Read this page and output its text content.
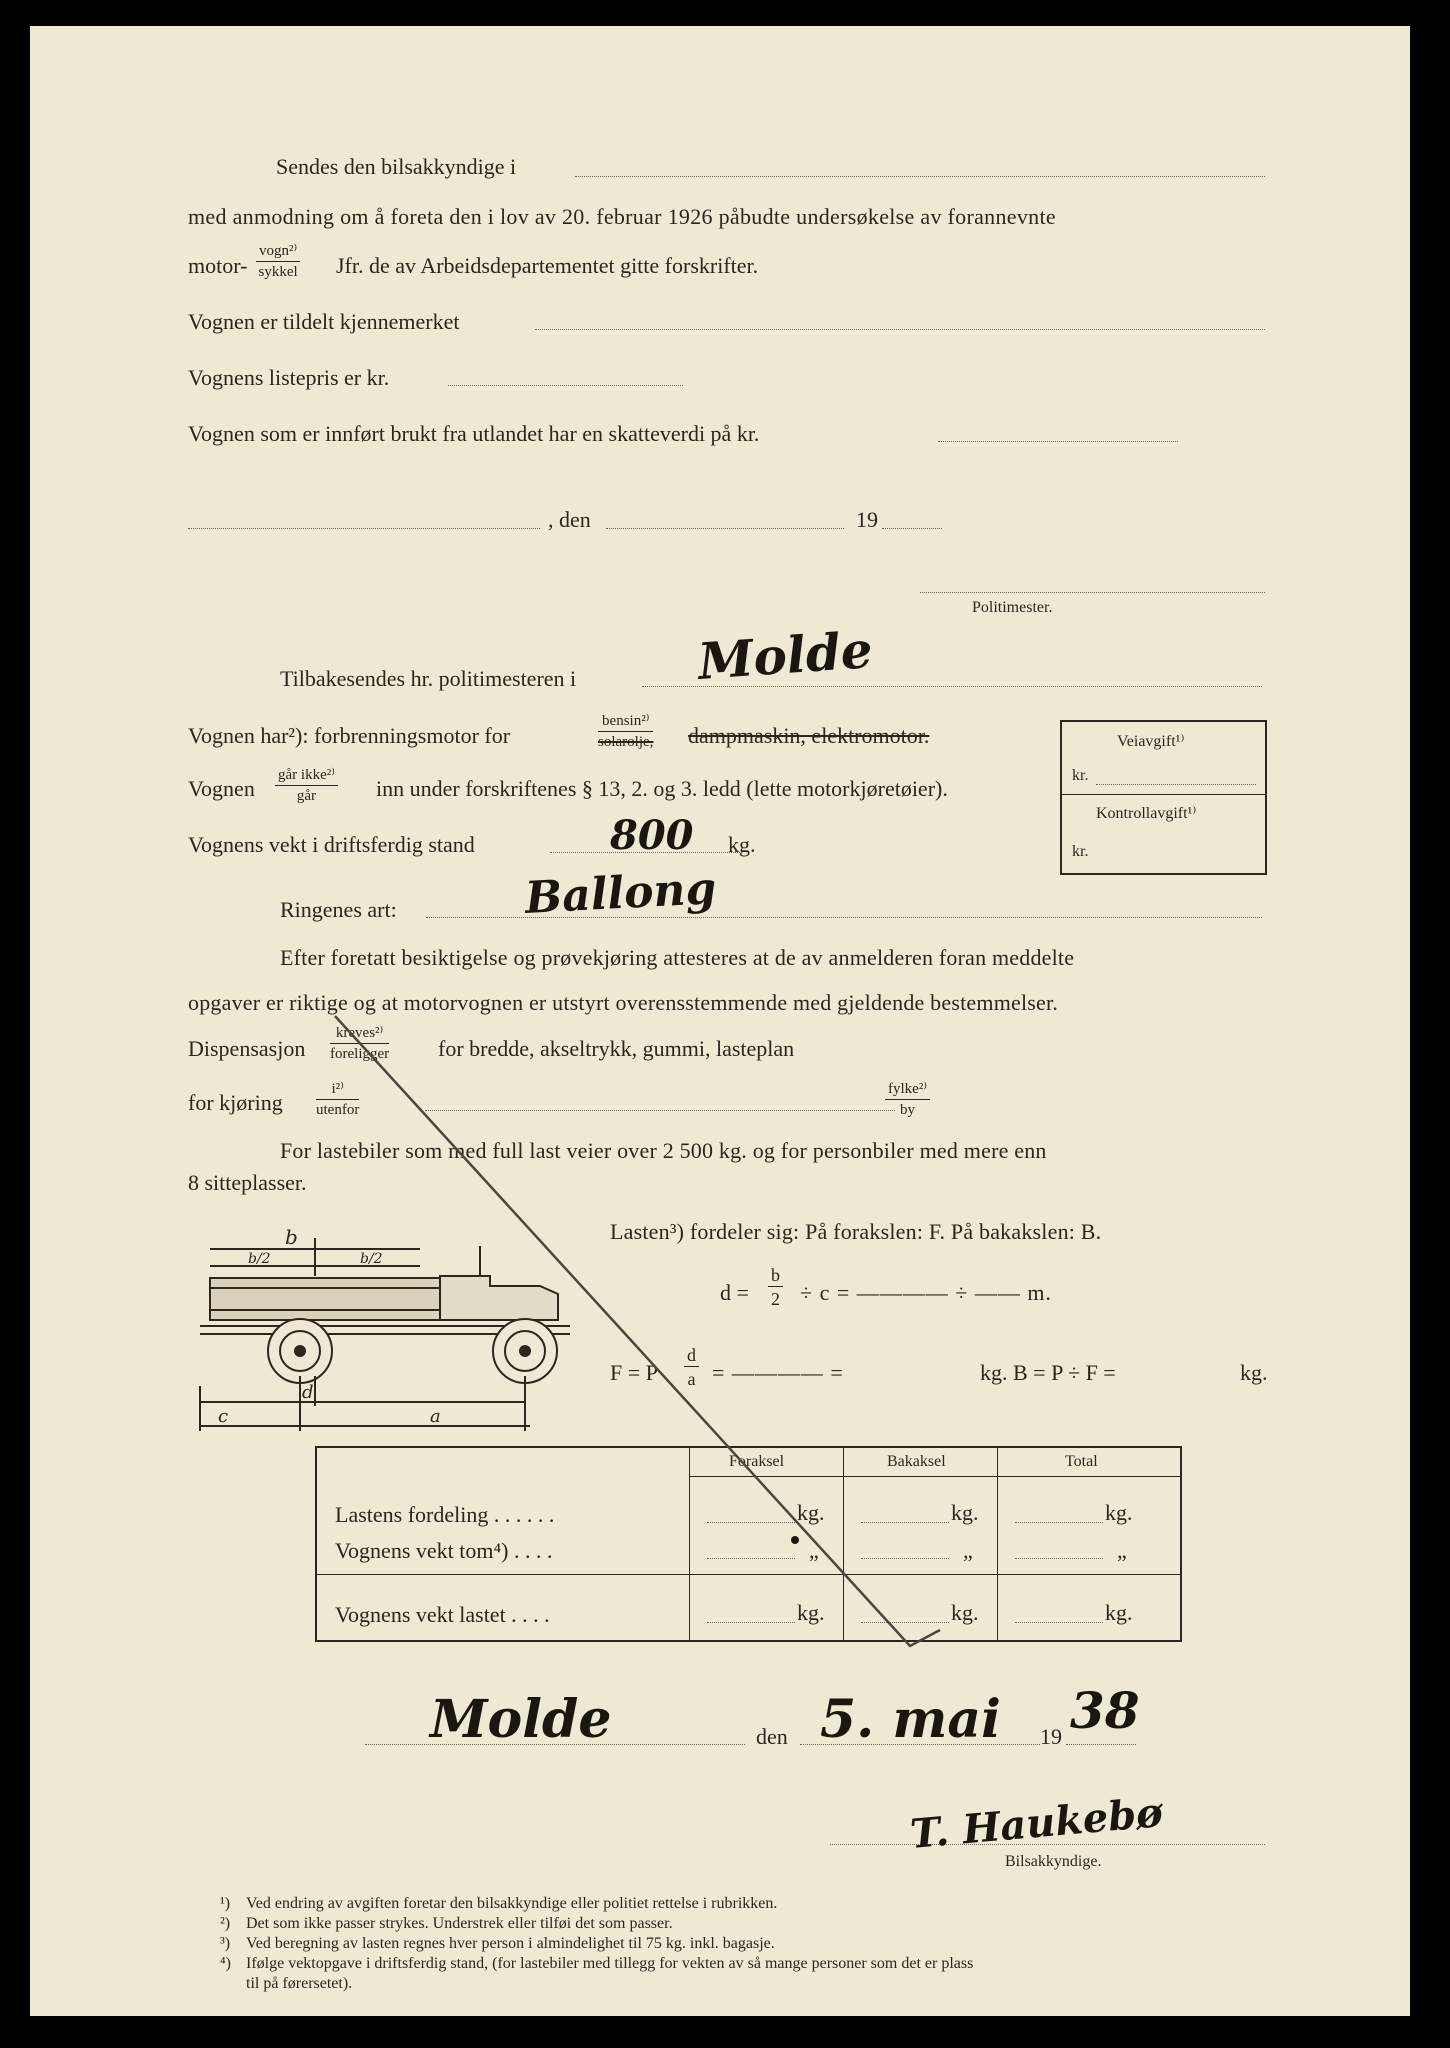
Sendes den bilsakkyndige i
med anmodning om å foreta den i lov av 20. februar 1926 påbudte undersøkelse av forannevnte
motor-
vogn²⁾
sykkel Jfr. de av Arbeidsdepartementet gitte forskrifter.
Vognen er tildelt kjennemerket
Vognens listepris er kr.
Vognen som er innført brukt fra utlandet har en skatteverdi på kr.
, den	19
Politimester.
Tilbakesendes hr. politimesteren i Molde
Vognen har²): forbrenningsmotor for
bensin²⁾
solarolje, dampmaskin, elektromotor.
Vognen
går ikke²⁾
går	inn under forskriftenes § 13, 2. og 3. ledd (lette motorkjøretøier).
Vognens vekt i driftsferdig stand	800 kg.
Veiavgift¹⁾
kr.
Kontrollavgift¹⁾
kr.
Ringenes art:	Ballong
Efter foretatt besiktigelse og prøvekjøring attesteres at de av anmelderen foran meddelte
opgaver er riktige og at motorvognen er utstyrt overensstemmende med gjeldende bestemmelser.
Dispensasjon
kreves²⁾
foreligger for bredde, akseltrykk, gummi, lasteplan
for kjøring
i²⁾
utenfor
fylke²⁾
by
For lastebiler som med full last veier over 2 500 kg. og for personbiler med mere enn
8 sitteplasser.
b
b/2	b/2
c
d
a
Lasten³) fordeler sig: På forakslen: F. På bakakslen: B.
$d = \frac{b}{2} \div c$ = ———— ÷ —— m.
F = P $\frac{d}{a}$ = ———— =	kg. B = P ÷ F =	kg.
Foraksel	Bakaksel	Total
Lastens fordeling . . . . . .	kg.	kg.	kg.
Vognens vekt tom⁴) . . . .	„	„	„
Vognens vekt lastet . . . .	kg.	kg.	kg.
Molde	den 5. mai 19 38
T. Haukebø
Bilsakkyndige.
¹) Ved endring av avgiften foretar den bilsakkyndige eller politiet rettelse i rubrikken.
²) Det som ikke passer strykes. Understrek eller tilføi det som passer.
³) Ved beregning av lasten regnes hver person i almindelighet til 75 kg. inkl. bagasje.
⁴) Ifølge vektopgave i driftsferdig stand, (for lastebiler med tillegg for vekten av så mange personer som det er plass
til på førersetet).
